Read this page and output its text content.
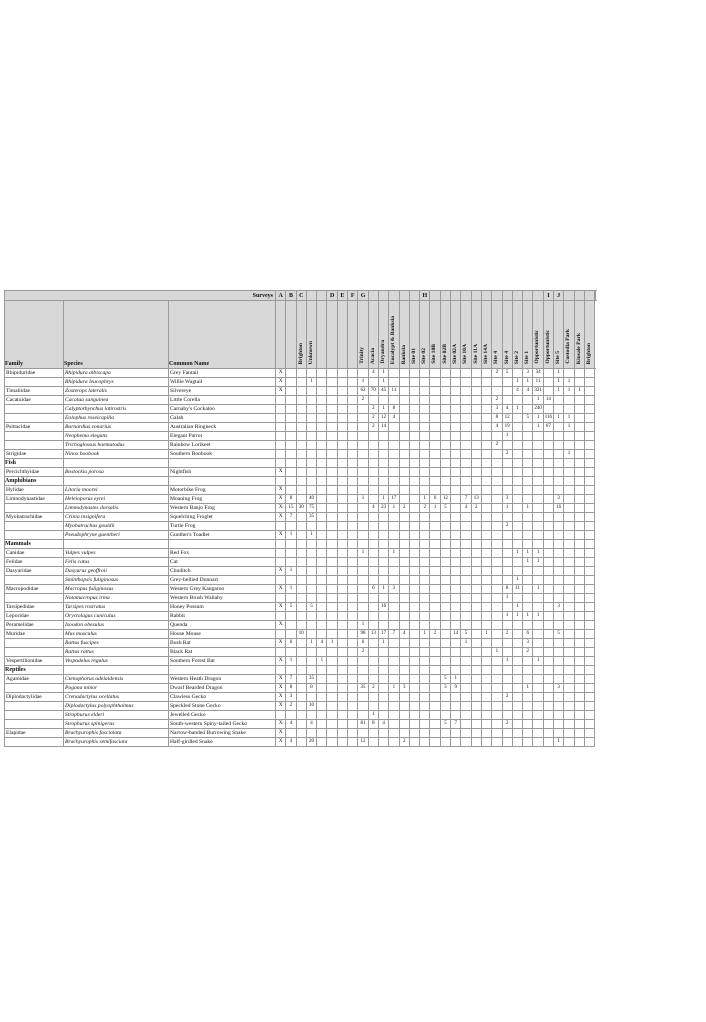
Surveys			A	B	C			D	E	F	G						H												I	J										
Family	Species	Common Name			Brighton	Unknown					Trinity	Acacia	Dryandra	Eucalypt & Banksia	Banksia	Site 01	Site 02	Site 10B	Site 02B	Site 02A	Site 10A	Site 11A	Site 14A	Site 4	Site 4	Site 2	Site 1	Opportunistic	Opportunistic	Site 5	Custodia Park	Kinsale Park	Brighton	
Rhipiduridae	Rhipidura albiscapa	Grey Fantail	X									4	1											2	5		3	34		1				
	Rhipidura leucophrys	Willie Wagtail	X			1					1		1													1	1	11		1	1			
Timaliidae	Zosterops lateralis	Silvereye	X								62	70	45	11												4	4	321		1	1	1		
Cacatuidae	Cacatua sanguinea	Little Corella									2													2				1	14					
	Calyptorhynchus latirostris	Carnaby's Cockatoo										2	1	8										3	4	1		240						
	Eolophus roseicapilla	Galah										2	12	4										8	12		5	1	116	1	1			
Psittacidae	Barnardius zonarius	Australian Ringneck										2	14											4	19			1	67		1			
	Neophema elegans	Elegant Parrot																							1									
	Trichoglossus haematodus	Rainbow Lorikeet																						2										
Strigidae	Ninox boobook	Southern Boobook																							2						1			
Fish																																		
Percichthyidae	Bostockia porosa	Nightfish	X																															
Amphibians																																		
Hylidae	Litoria moorei	Motorbike Frog	X																															
Limnodynastidae	Heleioporus eyrei	Moaning Frog	X	8		40					1		1	17			1	6	12		7	13			3					3				
	Limnodynastes dorsalis	Western Banjo Frog	X	15	30	75						4	23	1	2		2	1	5		4	2			1		1			16				
Myobatrachidae	Crinia insignifera	Squelching Froglet	X	7		35																												
	Myobatrachus gouldii	Turtle Frog																							2									
	Pseudophryne guentheri	Gunther's Toadlet	X	1		1																												
Mammals																																		
Canidae	Vulpes vulpes	Red Fox									1			1												1	1	1						
Felidae	Felis catus	Cat																									1	1						
Dasyuridae	Dasyurus geoffroii	Chuditch	X	1																														
	Sminthopsis fuliginosus	Grey-bellied Dunnart																								1								
Macropodidae	Macropus fuliginosus	Western Grey Kangaroo	X	1								6	1	3											8	11		1						
	Notamacropus irma	Western Brush Wallaby																							1									
Tarsipedidae	Tarsipes rostratus	Honey Possum	X	5		5							16													1				3				
Leporidae	Oryctolagus cuniculus	Rabbit																							1	1	1	1						
Peramelidae	Isoodon obesulus	Quenda	X								1																							
Muridae	Mus musculus	House Mouse			10						98	13	17	7	4		1	2		14	5		1		2		6			5				
	Rattus fuscipes	Bush Rat	X	6		1	4	1			6		1								1						3							
	Rattus rattus	Black Rat									2													1			2							
Vespertilionidae	Vespadelus regulus	Southern Forest Bat	X	1			1																		1			1						
Reptiles																																		
Agamidae	Ctenophorus adelaidensis	Western Heath Dragon	X	7		35													5	1														
	Pogona minor	Dwarf Bearded Dragon	X	8		8					35	2		1	3				3	9							1			3				
Diplodactylidae	Crenadactylus ocellatus	Clawless Gecko	X	3																					2									
	Diplodactylus polyophthalmus	Speckled Stone Gecko	X	2		10																												
	Strophurus elderi	Jewelled Gecko										1																						
	Strophurus spinigerus	South-western Spiny-tailed Gecko	X	4		4					81	8	4						5	7					2									
Elapidae	Brachyurophis fasciolata	Narrow-banded Burrowing Snake	X																															
	Brachyurophis semifasciata	Half-girdled Snake	X	4		20					12				2															1				
